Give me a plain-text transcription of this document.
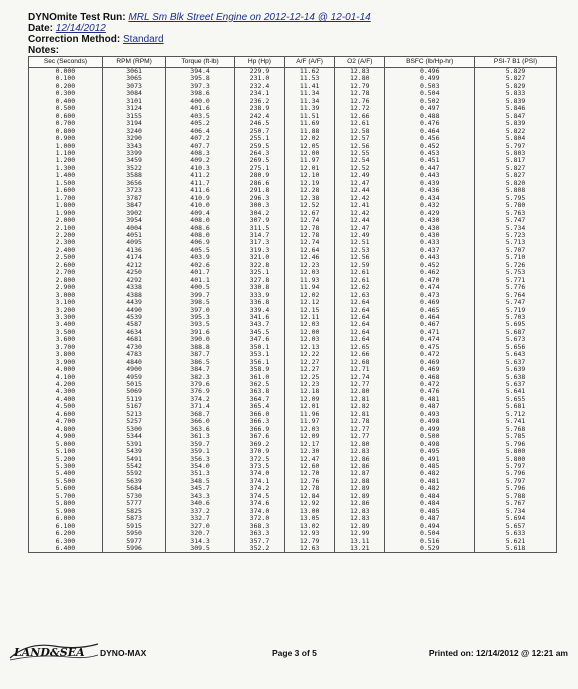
DYNOmite Test Run: MRL Sm Blk Street Engine on 2012-12-14 @ 12-01-14
Date: 12/14/2012
Correction Method: Standard
Notes:
Sec (Seconds)	RPM (RPM)	Torque (ft-lb)	Hp (Hp)	A/F (A/F)	O2 (A/F)	BSFC (lb/Hp-hr)	PSI-7 B1 (PSI)
0.000	3061	394.4	229.9	11.62	12.83	0.496	5.829
0.100	3065	395.8	231.0	11.53	12.80	0.499	5.827
0.200	3073	397.3	232.4	11.41	12.79	0.503	5.829
0.300	3084	398.6	234.1	11.34	12.78	0.504	5.833
0.400	3101	400.0	236.2	11.34	12.76	0.502	5.839
0.500	3124	401.6	238.9	11.39	12.72	0.497	5.846
0.600	3155	403.5	242.4	11.51	12.66	0.488	5.847
0.700	3194	405.2	246.5	11.69	12.61	0.476	5.839
0.800	3240	406.4	250.7	11.88	12.58	0.464	5.822
0.900	3290	407.2	255.1	12.02	12.57	0.456	5.804
1.000	3343	407.7	259.5	12.05	12.56	0.452	5.797
1.100	3399	408.3	264.3	12.00	12.55	0.453	5.803
1.200	3459	409.2	269.5	11.97	12.54	0.451	5.817
1.300	3522	410.3	275.1	12.01	12.52	0.447	5.827
1.400	3588	411.2	280.9	12.10	12.49	0.443	5.827
1.500	3656	411.7	286.6	12.19	12.47	0.439	5.820
1.600	3723	411.6	291.8	12.28	12.44	0.436	5.808
1.700	3787	410.9	296.3	12.38	12.42	0.434	5.795
1.800	3847	410.0	300.3	12.52	12.41	0.432	5.780
1.900	3902	409.4	304.2	12.67	12.42	0.429	5.763
2.000	3954	408.0	307.9	12.74	12.44	0.430	5.747
2.100	4004	408.6	311.5	12.78	12.47	0.430	5.734
2.200	4051	408.0	314.7	12.78	12.49	0.430	5.723
2.300	4095	406.9	317.3	12.74	12.51	0.433	5.713
2.400	4136	405.5	319.3	12.64	12.53	0.437	5.707
2.500	4174	403.9	321.0	12.46	12.56	0.443	5.710
2.600	4212	402.6	322.8	12.23	12.59	0.452	5.726
2.700	4250	401.7	325.1	12.03	12.61	0.462	5.753
2.800	4292	401.1	327.8	11.93	12.61	0.470	5.771
2.900	4338	400.5	330.8	11.94	12.62	0.474	5.776
3.000	4388	399.7	333.9	12.02	12.63	0.473	5.764
3.100	4439	398.5	336.8	12.12	12.64	0.469	5.747
3.200	4490	397.0	339.4	12.15	12.64	0.465	5.719
3.300	4539	395.3	341.6	12.11	12.64	0.464	5.703
3.400	4587	393.5	343.7	12.03	12.64	0.467	5.695
3.500	4634	391.6	345.5	12.00	12.64	0.471	5.687
3.600	4681	390.0	347.6	12.03	12.64	0.474	5.673
3.700	4730	388.8	350.1	12.13	12.65	0.475	5.656
3.800	4783	387.7	353.1	12.22	12.66	0.472	5.643
3.900	4840	386.5	356.1	12.27	12.68	0.469	5.637
4.000	4900	384.7	358.9	12.27	12.71	0.469	5.639
4.100	4959	382.3	361.0	12.25	12.74	0.468	5.638
4.200	5015	379.6	362.5	12.23	12.77	0.472	5.637
4.300	5069	376.9	363.8	12.18	12.80	0.476	5.641
4.400	5119	374.2	364.7	12.09	12.81	0.481	5.655
4.500	5167	371.4	365.4	12.01	12.82	0.487	5.681
4.600	5213	368.7	366.0	11.96	12.81	0.493	5.712
4.700	5257	366.0	366.3	11.97	12.78	0.498	5.741
4.800	5300	363.6	366.9	12.03	12.77	0.499	5.768
4.900	5344	361.3	367.6	12.09	12.77	0.500	5.785
5.000	5391	359.7	369.2	12.17	12.80	0.498	5.796
5.100	5439	359.1	370.9	12.30	12.83	0.495	5.800
5.200	5491	356.3	372.5	12.47	12.86	0.491	5.800
5.300	5542	354.0	373.5	12.60	12.86	0.485	5.797
5.400	5592	351.3	374.0	12.70	12.87	0.482	5.796
5.500	5639	348.5	374.1	12.76	12.88	0.481	5.797
5.600	5684	345.7	374.2	12.78	12.89	0.482	5.796
5.700	5730	343.3	374.5	12.84	12.89	0.484	5.788
5.800	5777	340.6	374.6	12.92	12.86	0.484	5.767
5.900	5825	337.2	374.0	13.00	12.83	0.485	5.734
6.000	5873	332.7	372.0	13.05	12.83	0.487	5.694
6.100	5915	327.0	368.3	13.02	12.89	0.494	5.657
6.200	5950	320.7	363.3	12.93	12.99	0.504	5.633
6.300	5977	314.3	357.7	12.79	13.11	0.516	5.621
6.400	5996	309.5	352.2	12.63	13.21	0.529	5.618
LAND&SEA DYNO-MAX	Page 3 of 5	Printed on: 12/14/2012 @ 12:21 am
